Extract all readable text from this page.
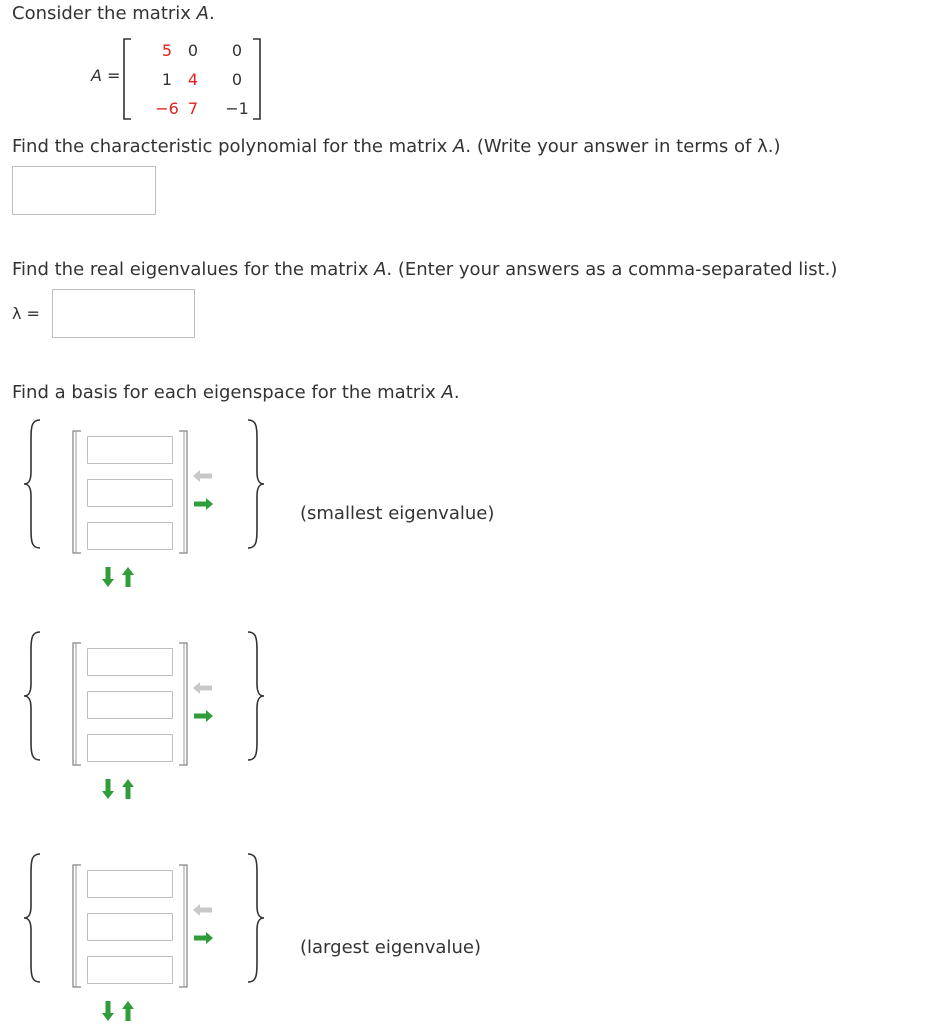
Consider the matrix A.
A =
5 0	0
1 4	0
−6 7	−1
Find the characteristic polynomial for the matrix A. (Write your answer in terms of λ.)
Find the real eigenvalues for the matrix A. (Enter your answers as a comma-separated list.)
λ =
Find a basis for each eigenspace for the matrix A.
(smallest eigenvalue)
(largest eigenvalue)
